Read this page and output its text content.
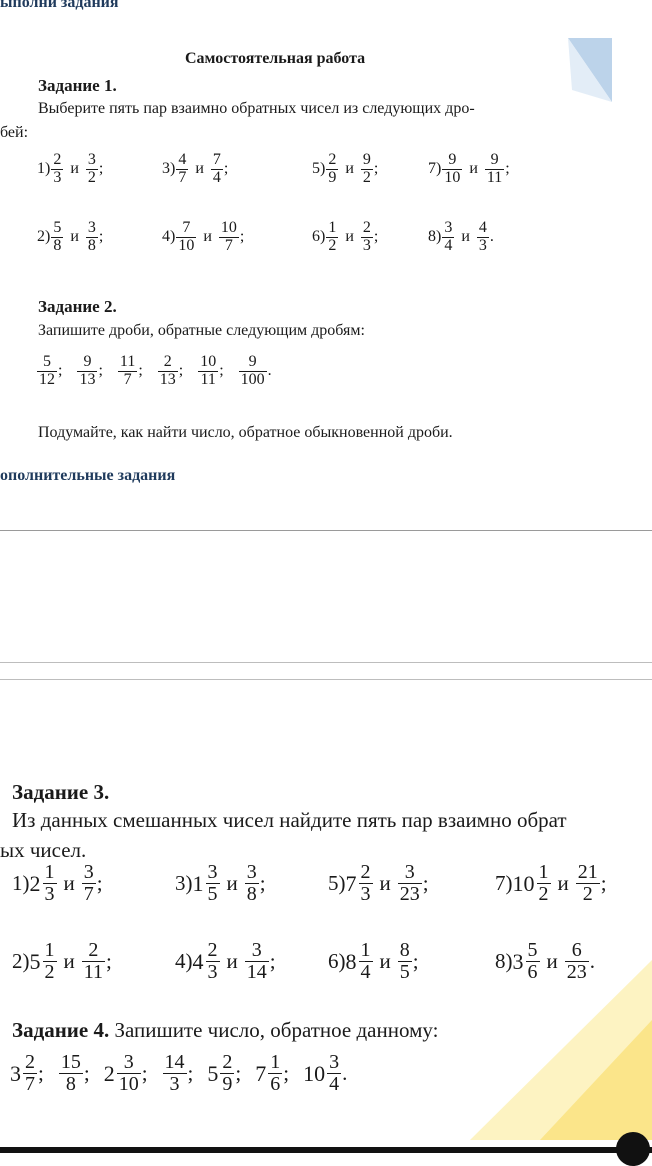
ыполни задания
Самостоятельная работа
Задание 1.
Выберите пять пар взаимно обратных чисел из следующих дро-
бей:
$1) \frac{2}{3}$ и $\frac{3}{2}$ ;	$3) \frac{4}{7}$ и $\frac{7}{4}$ ;	$5) \frac{2}{9}$ и $\frac{9}{2}$ ;	$7) \frac{9}{10}$ и $\frac{9}{11}$ ;
$2) \frac{5}{8}$ и $\frac{3}{8}$ ;	$4) \frac{7}{10}$ и $\frac{10}{7}$ ;	$6) \frac{1}{2}$ и $\frac{2}{3}$ ;	$8) \frac{3}{4}$ и $\frac{4}{3}$ .
Задание 2.
Запишите дроби, обратные следующим дробям:
$\frac{5}{12}$ ; $\frac{9}{13}$ ; $\frac{11}{7}$ ; $\frac{2}{13}$ ; $\frac{10}{11}$ ; $\frac{9}{100}$ .
Подумайте, как найти число, обратное обыкновенной дроби.
ополнительные задания
Задание 3.
Из данных смешанных чисел найдите пять пар взаимно обрат
ых чисел.
1) $2 \frac{1}{3}$ и $\frac{3}{7}$ ;	3) $1 \frac{3}{5}$ и $\frac{3}{8}$ ;	5) $7 \frac{2}{3}$ и $\frac{3}{23}$ ;	7) $10 \frac{1}{2}$ и $\frac{21}{2}$ ;
2) $5 \frac{1}{2}$ и $\frac{2}{11}$ ;	4) $4 \frac{2}{3}$ и $\frac{3}{14}$ ; 6) $8 \frac{1}{4}$ и $\frac{8}{5}$ ;	8) $3 \frac{5}{6}$ и $\frac{6}{23}$ .
Задание 4. Запишите число, обратное данному:
$3 \frac{2}{7}$ ; $\frac{15}{8}$ ; $2 \frac{3}{10}$ ; $\frac{14}{3}$ ; $5 \frac{2}{9}$ ; $7 \frac{1}{6}$ ; $10 \frac{3}{4}$ .
